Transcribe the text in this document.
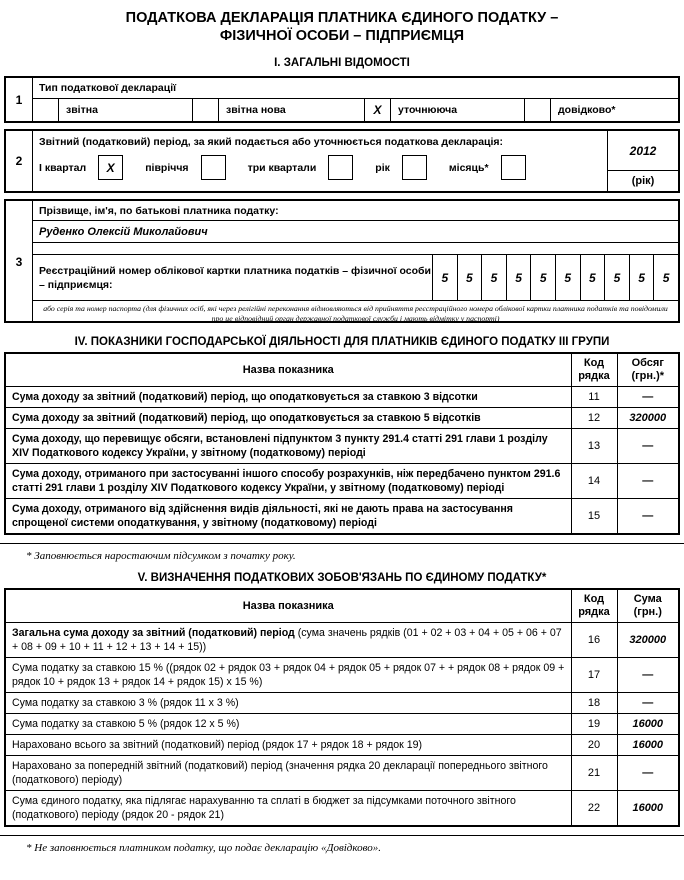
ПОДАТКОВА ДЕКЛАРАЦІЯ ПЛАТНИКА ЄДИНОГО ПОДАТКУ –
ФІЗИЧНОЇ ОСОБИ – ПІДПРИЄМЦЯ
І. ЗАГАЛЬНІ ВІДОМОСТІ
1
Тип податкової декларації
звітна	звітна нова	X	уточнююча	довідково*
2
Звітний (податковий) період, за який подається або уточнюється податкова декларація:
І квартал	X	півріччя	три квартали	рік	місяць*
2012
(рік)
3
Прізвище, ім'я, по батькові платника податку:
Руденко Олексій Миколайович
Реєстраційний номер облікової картки платника податків – фізичної особи – підприємця:	5	5	5	5	5	5	5	5	5	5
або серія та номер паспорта (для фізичних осіб, які через релігійні переконання відмовляються від прийняття реєстраційного номера облікової картки платника податків та повідомили про це відповідний орган державної податкової служби і мають відмітку у паспорті)
IV. ПОКАЗНИКИ ГОСПОДАРСЬКОЇ ДІЯЛЬНОСТІ ДЛЯ ПЛАТНИКІВ ЄДИНОГО ПОДАТКУ III ГРУПИ
Назва показника	Код рядка	Обсяг (грн.)*
Сума доходу за звітний (податковий) період, що оподатковується за ставкою 3 відсотки	11	—
Сума доходу за звітний (податковий) період, що оподатковується за ставкою 5 відсотків	12	320000
Сума доходу, що перевищує обсяги, встановлені підпунктом 3 пункту 291.4 статті 291 глави 1 розділу XIV Податкового кодексу України, у звітному (податковому) періоді	13	—
Сума доходу, отриманого при застосуванні іншого способу розрахунків, ніж передбачено пунктом 291.6 статті 291 глави 1 розділу XIV Податкового кодексу України, у звітному (податковому) періоді	14	—
Сума доходу, отриманого від здійснення видів діяльності, які не дають права на застосування спрощеної системи оподаткування, у звітному (податковому) періоді	15	—
* Заповнюється наростаючим підсумком з початку року.
V. ВИЗНАЧЕННЯ ПОДАТКОВИХ ЗОБОВ'ЯЗАНЬ ПО ЄДИНОМУ ПОДАТКУ*
Назва показника	Код рядка	Сума (грн.)
Загальна сума доходу за звітний (податковий) період (сума значень рядків (01 + 02 + 03 + 04 + 05 + 06 + 07 + 08 + 09 + 10 + 11 + 12 + 13 + 14 + 15))	16	320000
Сума податку за ставкою 15 % ((рядок 02 + рядок 03 + рядок 04 + рядок 05 + рядок 07 + + рядок 08 + рядок 09 + рядок 10 + рядок 13 + рядок 14 + рядок 15) х 15 %)	17	—
Сума податку за ставкою 3 % (рядок 11 х 3 %)	18	—
Сума податку за ставкою 5 % (рядок 12 х 5 %)	19	16000
Нараховано всього за звітний (податковий) період (рядок 17 + рядок 18 + рядок 19)	20	16000
Нараховано за попередній звітний (податковий) період (значення рядка 20 декларації попереднього звітного (податкового) періоду)	21	—
Сума єдиного податку, яка підлягає нарахуванню та сплаті в бюджет за підсумками поточного звітного (податкового) періоду (рядок 20 - рядок 21)	22	16000
* Не заповнюється платником податку, що подає декларацію «Довідково».
